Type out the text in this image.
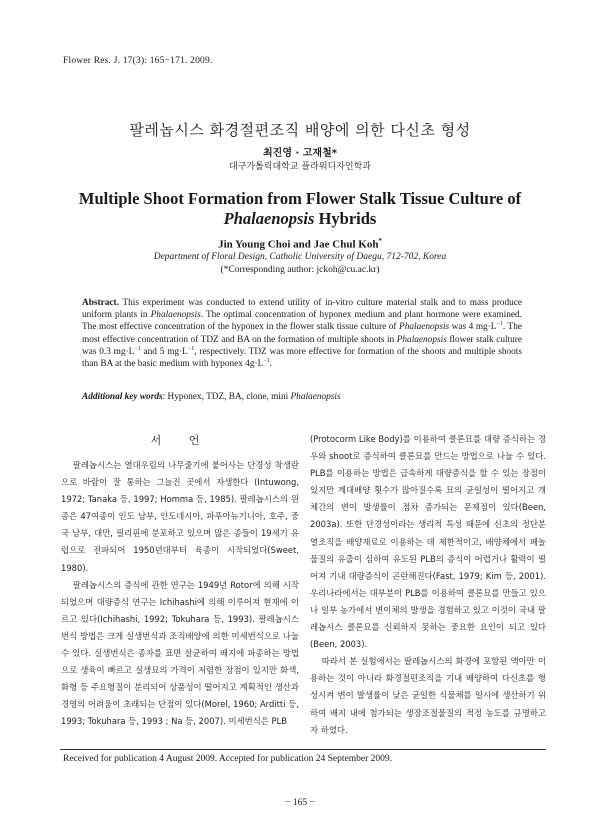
Flower Res. J. 17(3): 165−171. 2009.
팔레놉시스 화경절편조직 배양에 의한 다신초 형성
최진영 · 고재철*
대구가톨릭대학교 플라워디자인학과
Multiple Shoot Formation from Flower Stalk Tissue Culture of
Phalaenopsis Hybrids
Jin Young Choi and Jae Chul Koh*
Department of Floral Design, Catholic University of Daegu, 712-702, Korea
(*Corresponding author: jckoh@cu.ac.kr)
Abstract. This experiment was conducted to extend utility of in-vitro culture material stalk and to mass produce uniform plants in Phalaenopsis. The optimal concentration of hyponex medium and plant hormone were examined. The most effective concentration of the hyponex in the flower stalk tissue culture of Phalaenopsis was 4 $mg\cdot L^{-1}$. The most effective concentration of TDZ and BA on the formation of multiple shoots in Phalaenopsis flower stalk culture was 0.3 $mg\cdot L^{-1}$ and 5 $mg\cdot L^{-1}$, respectively. TDZ was more effective for formation of the shoots and multiple shoots than BA at the basic medium with hyponex $4g\cdot L^{-1}$.
Additional key words: Hyponex, TDZ, BA, clone, mini Phalaenopsis
서 언

팔레놉시스는 열대우림의 나무줄기에 붙어사는 단경성 착생란으로 바람이 잘 통하는 그늘진 곳에서 자생한다 (Intuwong, 1972; Tanaka 등, 1997; Homma 등, 1985). 팔레놉시스의 원종은 47여종이 인도 남부, 인도네시아, 파푸아뉴기니아, 호주, 중국 남부, 대만, 필리핀에 분포하고 있으며 많은 종들이 19세기 유럽으로 전파되어 1950년대부터 육종이 시작되었다(Sweet, 1980).

팔레놉시스의 증식에 관한 연구는 1949년 Rotor에 의해 시작되었으며 대량증식 연구는 Ichihashi에 의해 이루어져 현재에 이르고 있다(Ichihashi, 1992; Tokuhara 등, 1993). 팔레놉시스 번식 방법은 크게 실생번식과 조직배양에 의한 미세번식으로 나눌 수 있다. 실생번식은 종자를 표면 살균하여 배지에 파종하는 방법으로 생육이 빠르고 실생묘의 가격이 저렴한 장점이 있지만 화색, 화형 등 주요형질이 분리되어 상품성이 떨어지고 계획적인 생산과 경영의 어려움이 초래되는 단점이 있다(Morel, 1960; Arditti 등, 1993; Tokuhara 등, 1993 ; Na 등, 2007). 미세번식은 PLB

(Protocorm Like Body)를 이용하여 클론묘를 대량 증식하는 경우와 shoot로 증식하여 클론묘를 만드는 방법으로 나눌 수 있다. PLB를 이용하는 방법은 급속하게 대량증식을 할 수 있는 장점이 있지만 계대배양 횟수가 많아질수록 묘의 균일성이 떨어지고 개체간의 변이 발생률이 점차 증가되는 문제점이 있다(Been, 2003a). 또한 단경성이라는 생리적 특성 때문에 신초의 정단분열조직을 배양재료로 이용하는 데 제한적이고, 배양체에서 페놀물질의 유출이 심하여 유도된 PLB의 증식이 어렵거나 활력이 떨어져 기내 대량증식이 곤란해진다(Fast, 1979; Kim 등, 2001). 우리나라에서는 대부분이 PLB를 이용하여 클론묘를 만들고 있으나 일부 농가에서 변이체의 발생을 경험하고 있고 이것이 국내 팔레놉시스 클론묘를 신뢰하지 못하는 중요한 요인이 되고 있다(Been, 2003).

따라서 본 실험에서는 팔레놉시스의 화경에 포함된 액아만 이용하는 것이 아니라 화경절편조직을 기내 배양하여 다신초를 형성시켜 변이 발생률이 낮은 균일한 식물체를 일시에 생산하기 위하여 배지 내에 첨가되는 생장조절물질의 적정 농도를 규명하고자 하였다.

Received for publication 4 August 2009. Accepted for publication 24 September 2009.
− 165 −
